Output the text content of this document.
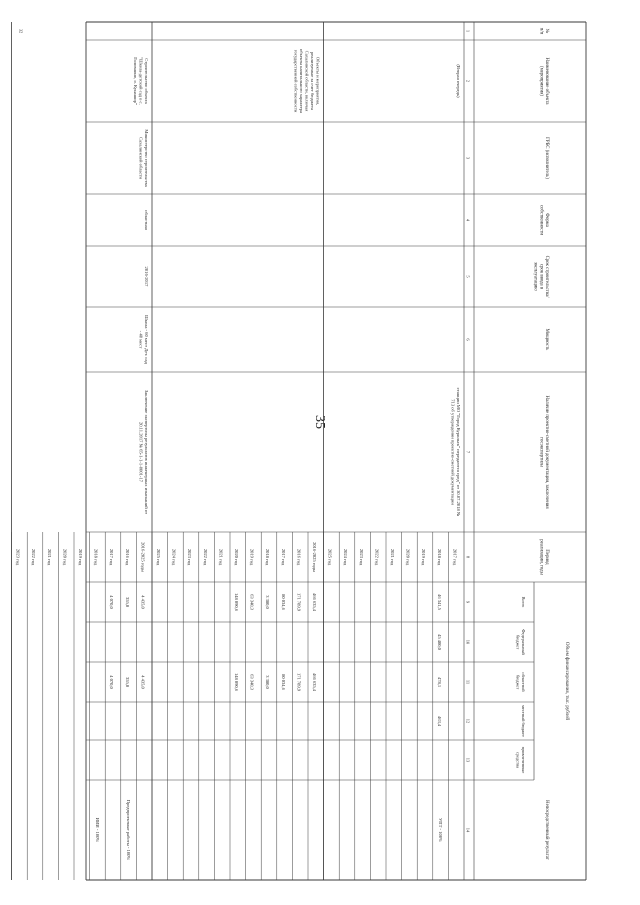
35
№
п/п
Наименование объекта
(мероприятия)
ГРБС (исполнитель)
Форма
собственности
Срок строительства/
срок ввода в
эксплуатацию
Мощность
Наличие проектно-сметной документации, заключения
госэкспертизы
Период
реализации, годы
Непосредственный результат
Объем финансирования, тыс. рублей
Всего
Федеральный
бюджет
областной
бюджет
местный бюджет
привлеченные
средства
1
2
3
4
5
6
7
8
9
10
11
12
13
14
2017 год
2018 год
46 341,5
45 400,0
478,1
463,4
2019 год
2020 год
2021 год
2022 год
2023 год
2024 год
2025 год
(Вторая очередь)
станции МО "Город Курильск" передаются сред" от 30.07.2018 №
713 об утверждении проектно-сметной документации
УПТ - 100%
2016-2025 годы
466 635,4
466 635,4
2016 год
171 789,9
171 789,9
2017 год
80 034,6
80 034,6
2018 год
3 380,0
3 380,0
2019 год
63 340,3
63 340,3
2020 год
148 090,6
148 090,6
2021 год
2022 год
2023 год
2024 год
2025 год
Объекты и мероприятия,
реализуемые за счет бюджета
Сахалинской области, включая
объекты капитального характера
государственной собственности
2016-2025 годы
4 435,0
4 435,0
2016 год
355,0
355,0
2017 год
4 070,0
4 070,0
2018 год
2019 год
2020 год
2021 год
2022 год
2023 год
Строительство объекта
"Школа-детский сад в с.
Головнино, о. Кунашир"
32
Министерство строительства
Сахалинской области
областная
2016-2017
Школа - 60 мест Дет. сад
- 40 мест
Заключение экспертизы результатов инженерных изысканий от
20.11.2017 № 65-1-1-1-0001-17
Предпроектные работы - 100%
ИИИ - 100%
